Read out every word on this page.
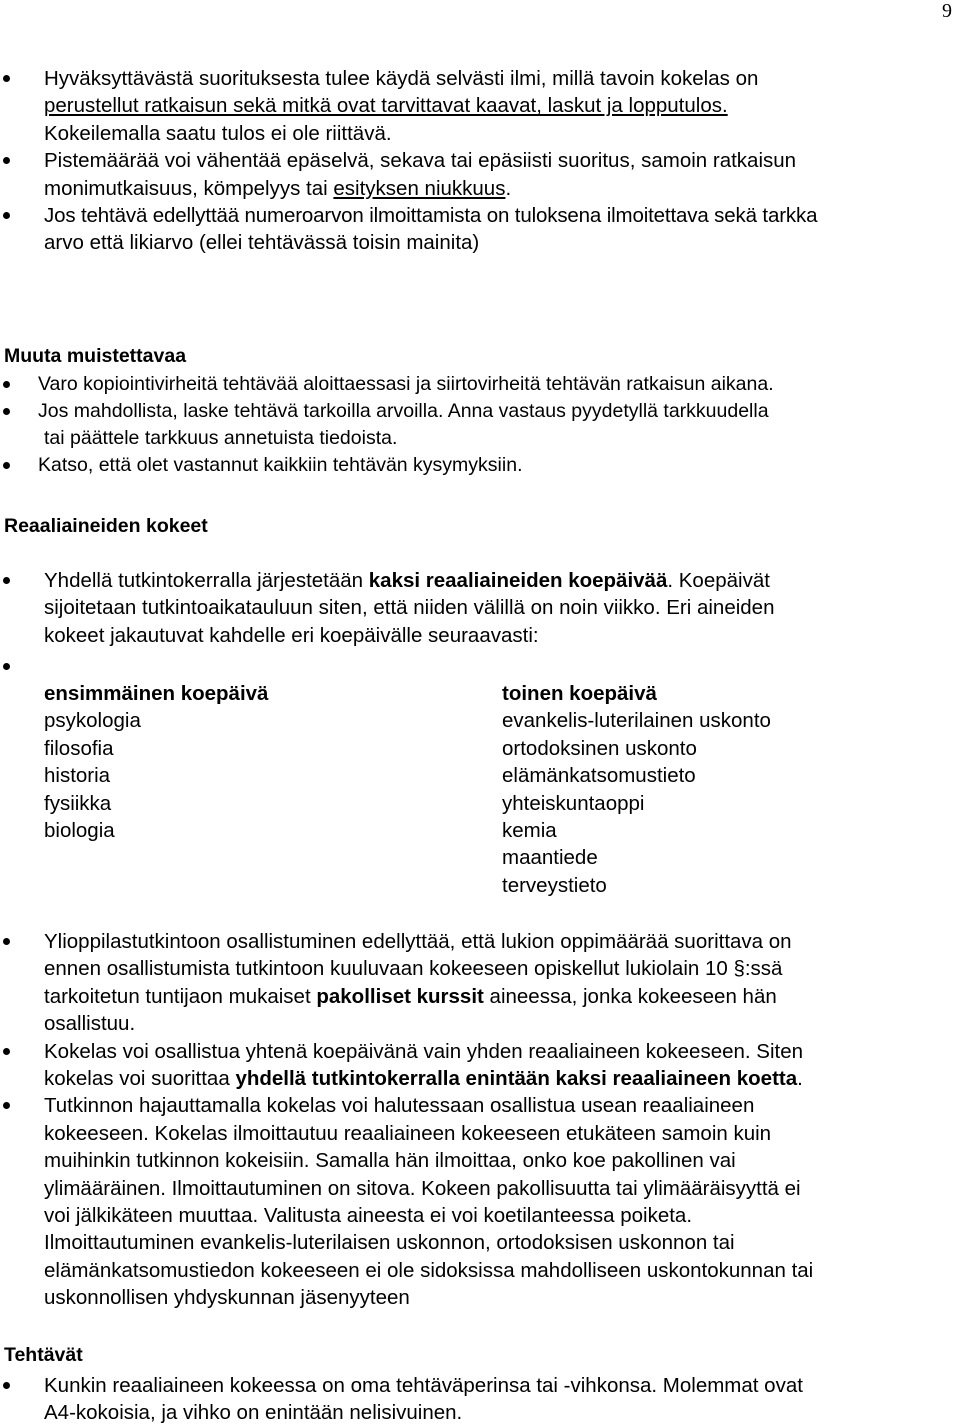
9
Hyväksyttävästä suorituksesta tulee käydä selvästi ilmi, millä tavoin kokelas on
perustellut ratkaisun sekä mitkä ovat tarvittavat kaavat, laskut ja lopputulos.
Kokeilemalla saatu tulos ei ole riittävä.
Pistemäärää voi vähentää epäselvä, sekava tai epäsiisti suoritus, samoin ratkaisun
monimutkaisuus, kömpelyys tai esityksen niukkuus.
Jos tehtävä edellyttää numeroarvon ilmoittamista on tuloksena ilmoitettava sekä tarkka
arvo että likiarvo (ellei tehtävässä toisin mainita)
Muuta muistettavaa
Varo kopiointivirheitä tehtävää aloittaessasi ja siirtovirheitä tehtävän ratkaisun aikana.
Jos mahdollista, laske tehtävä tarkoilla arvoilla. Anna vastaus pyydetyllä tarkkuudella
tai päättele tarkkuus annetuista tiedoista.
Katso, että olet vastannut kaikkiin tehtävän kysymyksiin.
Reaaliaineiden kokeet
Yhdellä tutkintokerralla järjestetään kaksi reaaliaineiden koepäivää. Koepäivät
sijoitetaan tutkintoaikatauluun siten, että niiden välillä on noin viikko. Eri aineiden
kokeet jakautuvat kahdelle eri koepäivälle seuraavasti:
ensimmäinen koepäivä
psykologia
filosofia
historia
fysiikka
biologia
toinen koepäivä
evankelis-luterilainen uskonto
ortodoksinen uskonto
elämänkatsomustieto
yhteiskuntaoppi
kemia
maantiede
terveystieto
Ylioppilastutkintoon osallistuminen edellyttää, että lukion oppimäärää suorittava on
ennen osallistumista tutkintoon kuuluvaan kokeeseen opiskellut lukiolain 10 §:ssä
tarkoitetun tuntijaon mukaiset pakolliset kurssit aineessa, jonka kokeeseen hän
osallistuu.
Kokelas voi osallistua yhtenä koepäivänä vain yhden reaaliaineen kokeeseen. Siten
kokelas voi suorittaa yhdellä tutkintokerralla enintään kaksi reaaliaineen koetta.
Tutkinnon hajauttamalla kokelas voi halutessaan osallistua usean reaaliaineen
kokeeseen. Kokelas ilmoittautuu reaaliaineen kokeeseen etukäteen samoin kuin
muihinkin tutkinnon kokeisiin. Samalla hän ilmoittaa, onko koe pakollinen vai
ylimääräinen. Ilmoittautuminen on sitova. Kokeen pakollisuutta tai ylimääräisyyttä ei
voi jälkikäteen muuttaa. Valitusta aineesta ei voi koetilanteessa poiketa.
Ilmoittautuminen evankelis-luterilaisen uskonnon, ortodoksisen uskonnon tai
elämänkatsomustiedon kokeeseen ei ole sidoksissa mahdolliseen uskontokunnan tai
uskonnollisen yhdyskunnan jäsenyyteen
Tehtävät
Kunkin reaaliaineen kokeessa on oma tehtäväperinsa tai -vihkonsa. Molemmat ovat
A4-kokoisia, ja vihko on enintään nelisivuinen.
